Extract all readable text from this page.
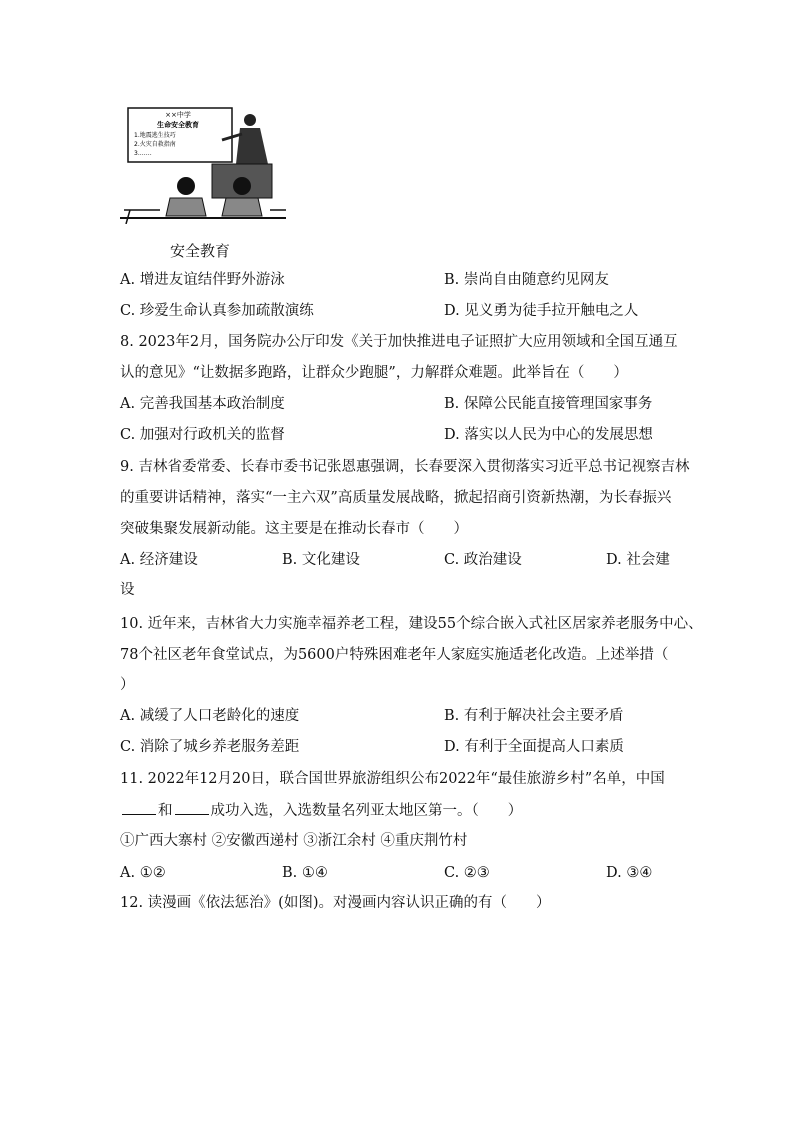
××中学
生命安全教育
1.地震逃生技巧
2.火灾自救指南
3.……
安全教育
A. 增进友谊结伴野外游泳	B. 崇尚自由随意约见网友
C. 珍爱生命认真参加疏散演练	D. 见义勇为徒手拉开触电之人
8. 2023年2月，国务院办公厅印发《关于加快推进电子证照扩大应用领域和全国互通互
认的意见》“让数据多跑路，让群众少跑腿”，力解群众难题。此举旨在（　　）
A. 完善我国基本政治制度	B. 保障公民能直接管理国家事务
C. 加强对行政机关的监督	D. 落实以人民为中心的发展思想
9. 吉林省委常委、长春市委书记张恩惠强调，长春要深入贯彻落实习近平总书记视察吉林
的重要讲话精神，落实“一主六双”高质量发展战略，掀起招商引资新热潮，为长春振兴
突破集聚发展新动能。这主要是在推动长春市（　　）
A. 经济建设	B. 文化建设	C. 政治建设	D. 社会建
设
10. 近年来，吉林省大力实施幸福养老工程，建设55个综合嵌入式社区居家养老服务中心、
78个社区老年食堂试点，为5600户特殊困难老年人家庭实施适老化改造。上述举措（
）
A. 减缓了人口老龄化的速度	B. 有利于解决社会主要矛盾
C. 消除了城乡养老服务差距	D. 有利于全面提高人口素质
11. 2022年12月20日，联合国世界旅游组织公布2022年“最佳旅游乡村”名单，中国
和	成功入选，入选数量名列亚太地区第一。（　　）
①广西大寨村 ②安徽西递村 ③浙江余村 ④重庆荆竹村
A. ①②	B. ①④	C. ②③	D. ③④
12. 读漫画《依法惩治》(如图)。对漫画内容认识正确的有（　　）
